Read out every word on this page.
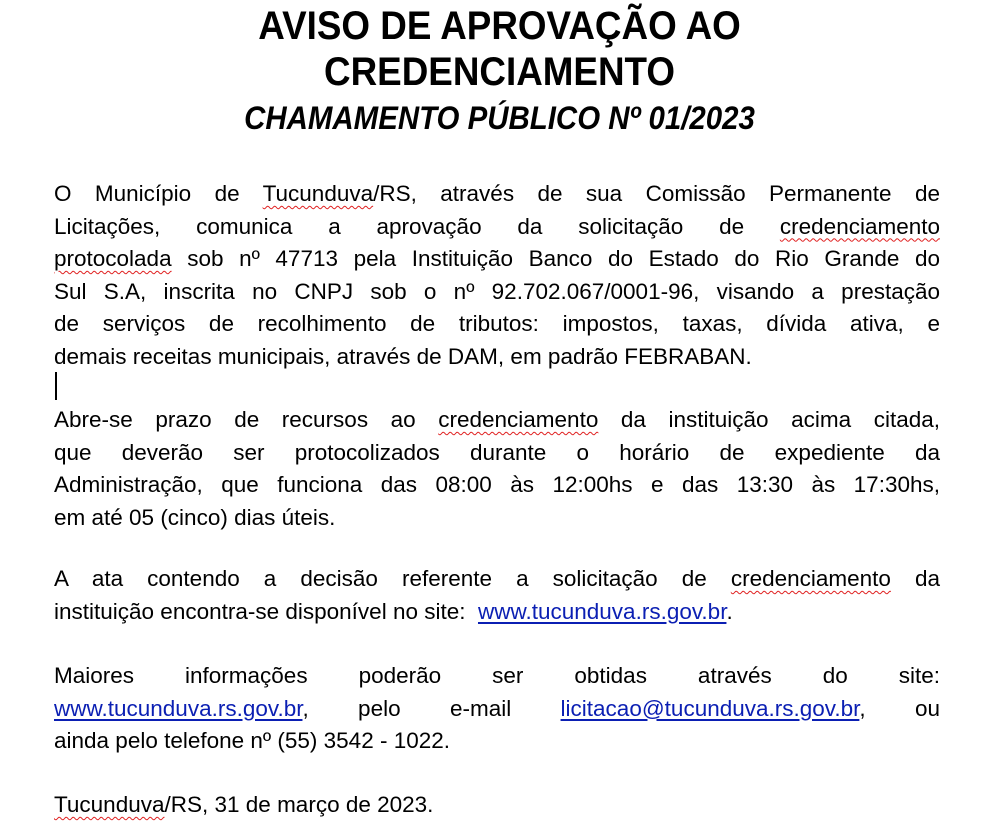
AVISO DE APROVAÇÃO AO
CREDENCIAMENTO
CHAMAMENTO PÚBLICO Nº 01/2023
O Município de Tucunduva/RS, através de sua Comissão Permanente de
Licitações, comunica a aprovação da solicitação de credenciamento
protocolada sob nº 47713 pela Instituição Banco do Estado do Rio Grande do
Sul S.A, inscrita no CNPJ sob o nº 92.702.067/0001-96, visando a prestação
de serviços de recolhimento de tributos: impostos, taxas, dívida ativa, e
demais receitas municipais, através de DAM, em padrão FEBRABAN.
Abre-se prazo de recursos ao credenciamento da instituição acima citada,
que deverão ser protocolizados durante o horário de expediente da
Administração, que funciona das 08:00 às 12:00hs e das 13:30 às 17:30hs,
em até 05 (cinco) dias úteis.
A ata contendo a decisão referente a solicitação de credenciamento da
instituição encontra-se disponível no site:  www.tucunduva.rs.gov.br.
Maiores informações poderão ser obtidas através do site:
www.tucunduva.rs.gov.br, pelo e-mail licitacao@tucunduva.rs.gov.br, ou
ainda pelo telefone nº (55) 3542 - 1022.
Tucunduva/RS, 31 de março de 2023.
